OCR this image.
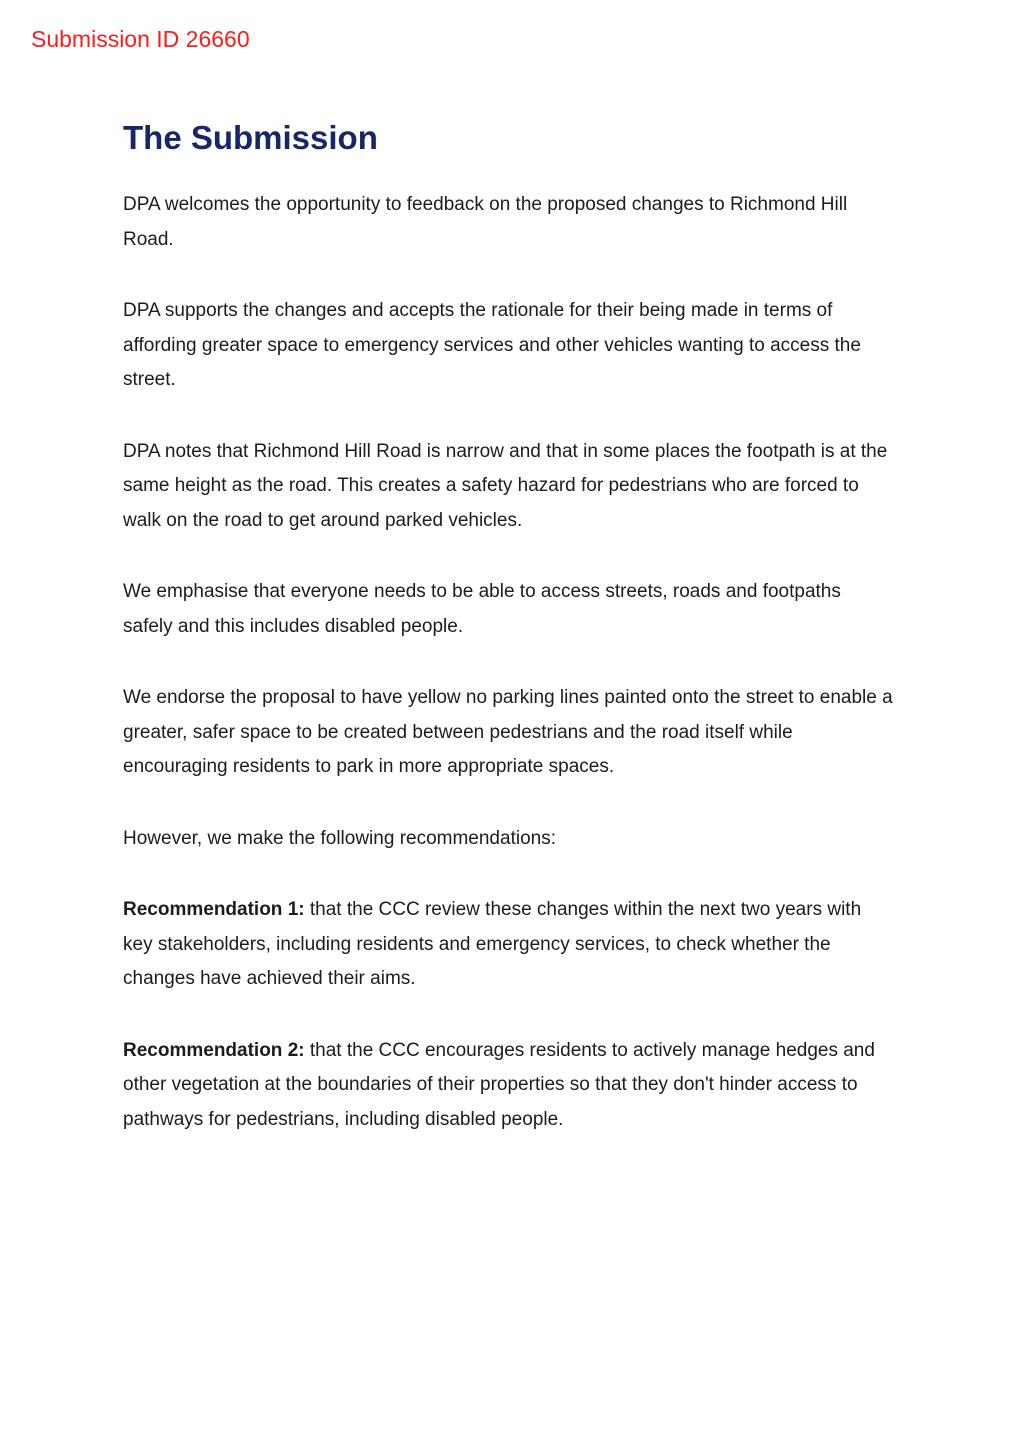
Submission ID 26660
The Submission

DPA welcomes the opportunity to feedback on the proposed changes to Richmond Hill Road.

DPA supports the changes and accepts the rationale for their being made in terms of affording greater space to emergency services and other vehicles wanting to access the street.

DPA notes that Richmond Hill Road is narrow and that in some places the footpath is at the same height as the road. This creates a safety hazard for pedestrians who are forced to walk on the road to get around parked vehicles.

We emphasise that everyone needs to be able to access streets, roads and footpaths safely and this includes disabled people.

We endorse the proposal to have yellow no parking lines painted onto the street to enable a greater, safer space to be created between pedestrians and the road itself while encouraging residents to park in more appropriate spaces.

However, we make the following recommendations:

Recommendation 1: that the CCC review these changes within the next two years with key stakeholders, including residents and emergency services, to check whether the changes have achieved their aims.

Recommendation 2: that the CCC encourages residents to actively manage hedges and other vegetation at the boundaries of their properties so that they don't hinder access to pathways for pedestrians, including disabled people.
